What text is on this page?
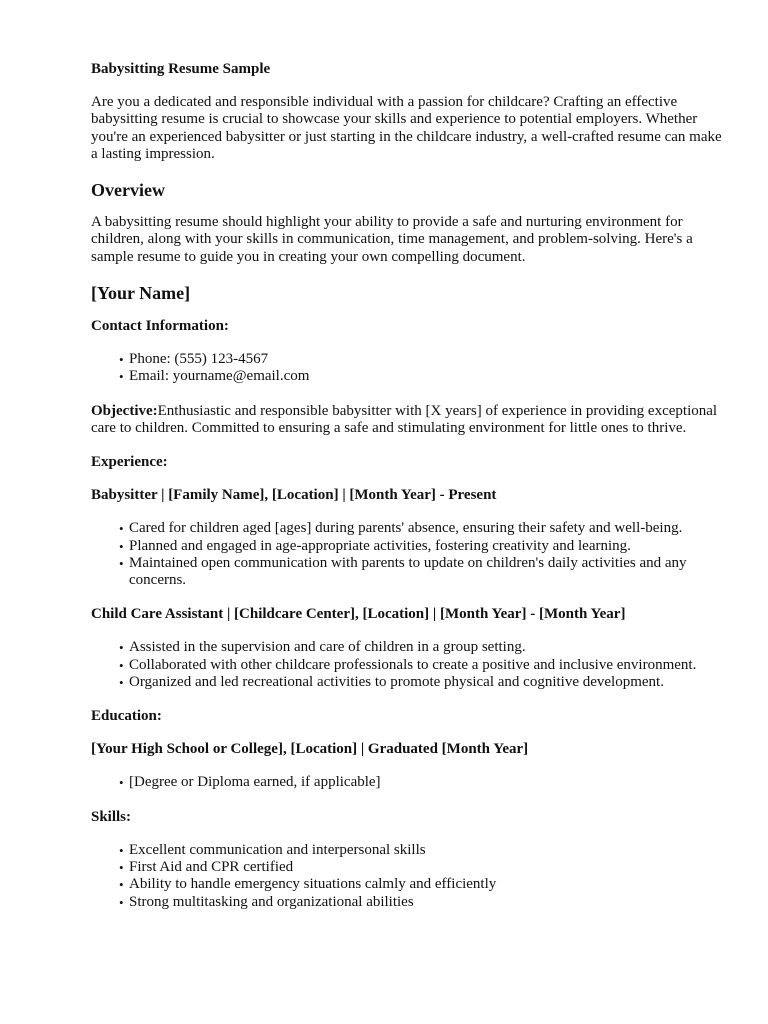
Babysitting Resume Sample

Are you a dedicated and responsible individual with a passion for childcare? Crafting an effective babysitting resume is crucial to showcase your skills and experience to potential employers. Whether you're an experienced babysitter or just starting in the childcare industry, a well-crafted resume can make a lasting impression.

Overview

A babysitting resume should highlight your ability to provide a safe and nurturing environment for children, along with your skills in communication, time management, and problem-solving. Here's a sample resume to guide you in creating your own compelling document.

[Your Name]
Contact Information:
• Phone: (555) 123-4567
• Email: yourname@email.com

Objective:Enthusiastic and responsible babysitter with [X years] of experience in providing exceptional care to children. Committed to ensuring a safe and stimulating environment for little ones to thrive.

Experience:
Babysitter | [Family Name], [Location] | [Month Year] - Present
• Cared for children aged [ages] during parents' absence, ensuring their safety and well-being.
• Planned and engaged in age-appropriate activities, fostering creativity and learning.
• Maintained open communication with parents to update on children's daily activities and any concerns.
Child Care Assistant | [Childcare Center], [Location] | [Month Year] - [Month Year]
• Assisted in the supervision and care of children in a group setting.
• Collaborated with other childcare professionals to create a positive and inclusive environment.
• Organized and led recreational activities to promote physical and cognitive development.
Education:
[Your High School or College], [Location] | Graduated [Month Year]
• [Degree or Diploma earned, if applicable]
Skills:
• Excellent communication and interpersonal skills
• First Aid and CPR certified
• Ability to handle emergency situations calmly and efficiently
• Strong multitasking and organizational abilities
